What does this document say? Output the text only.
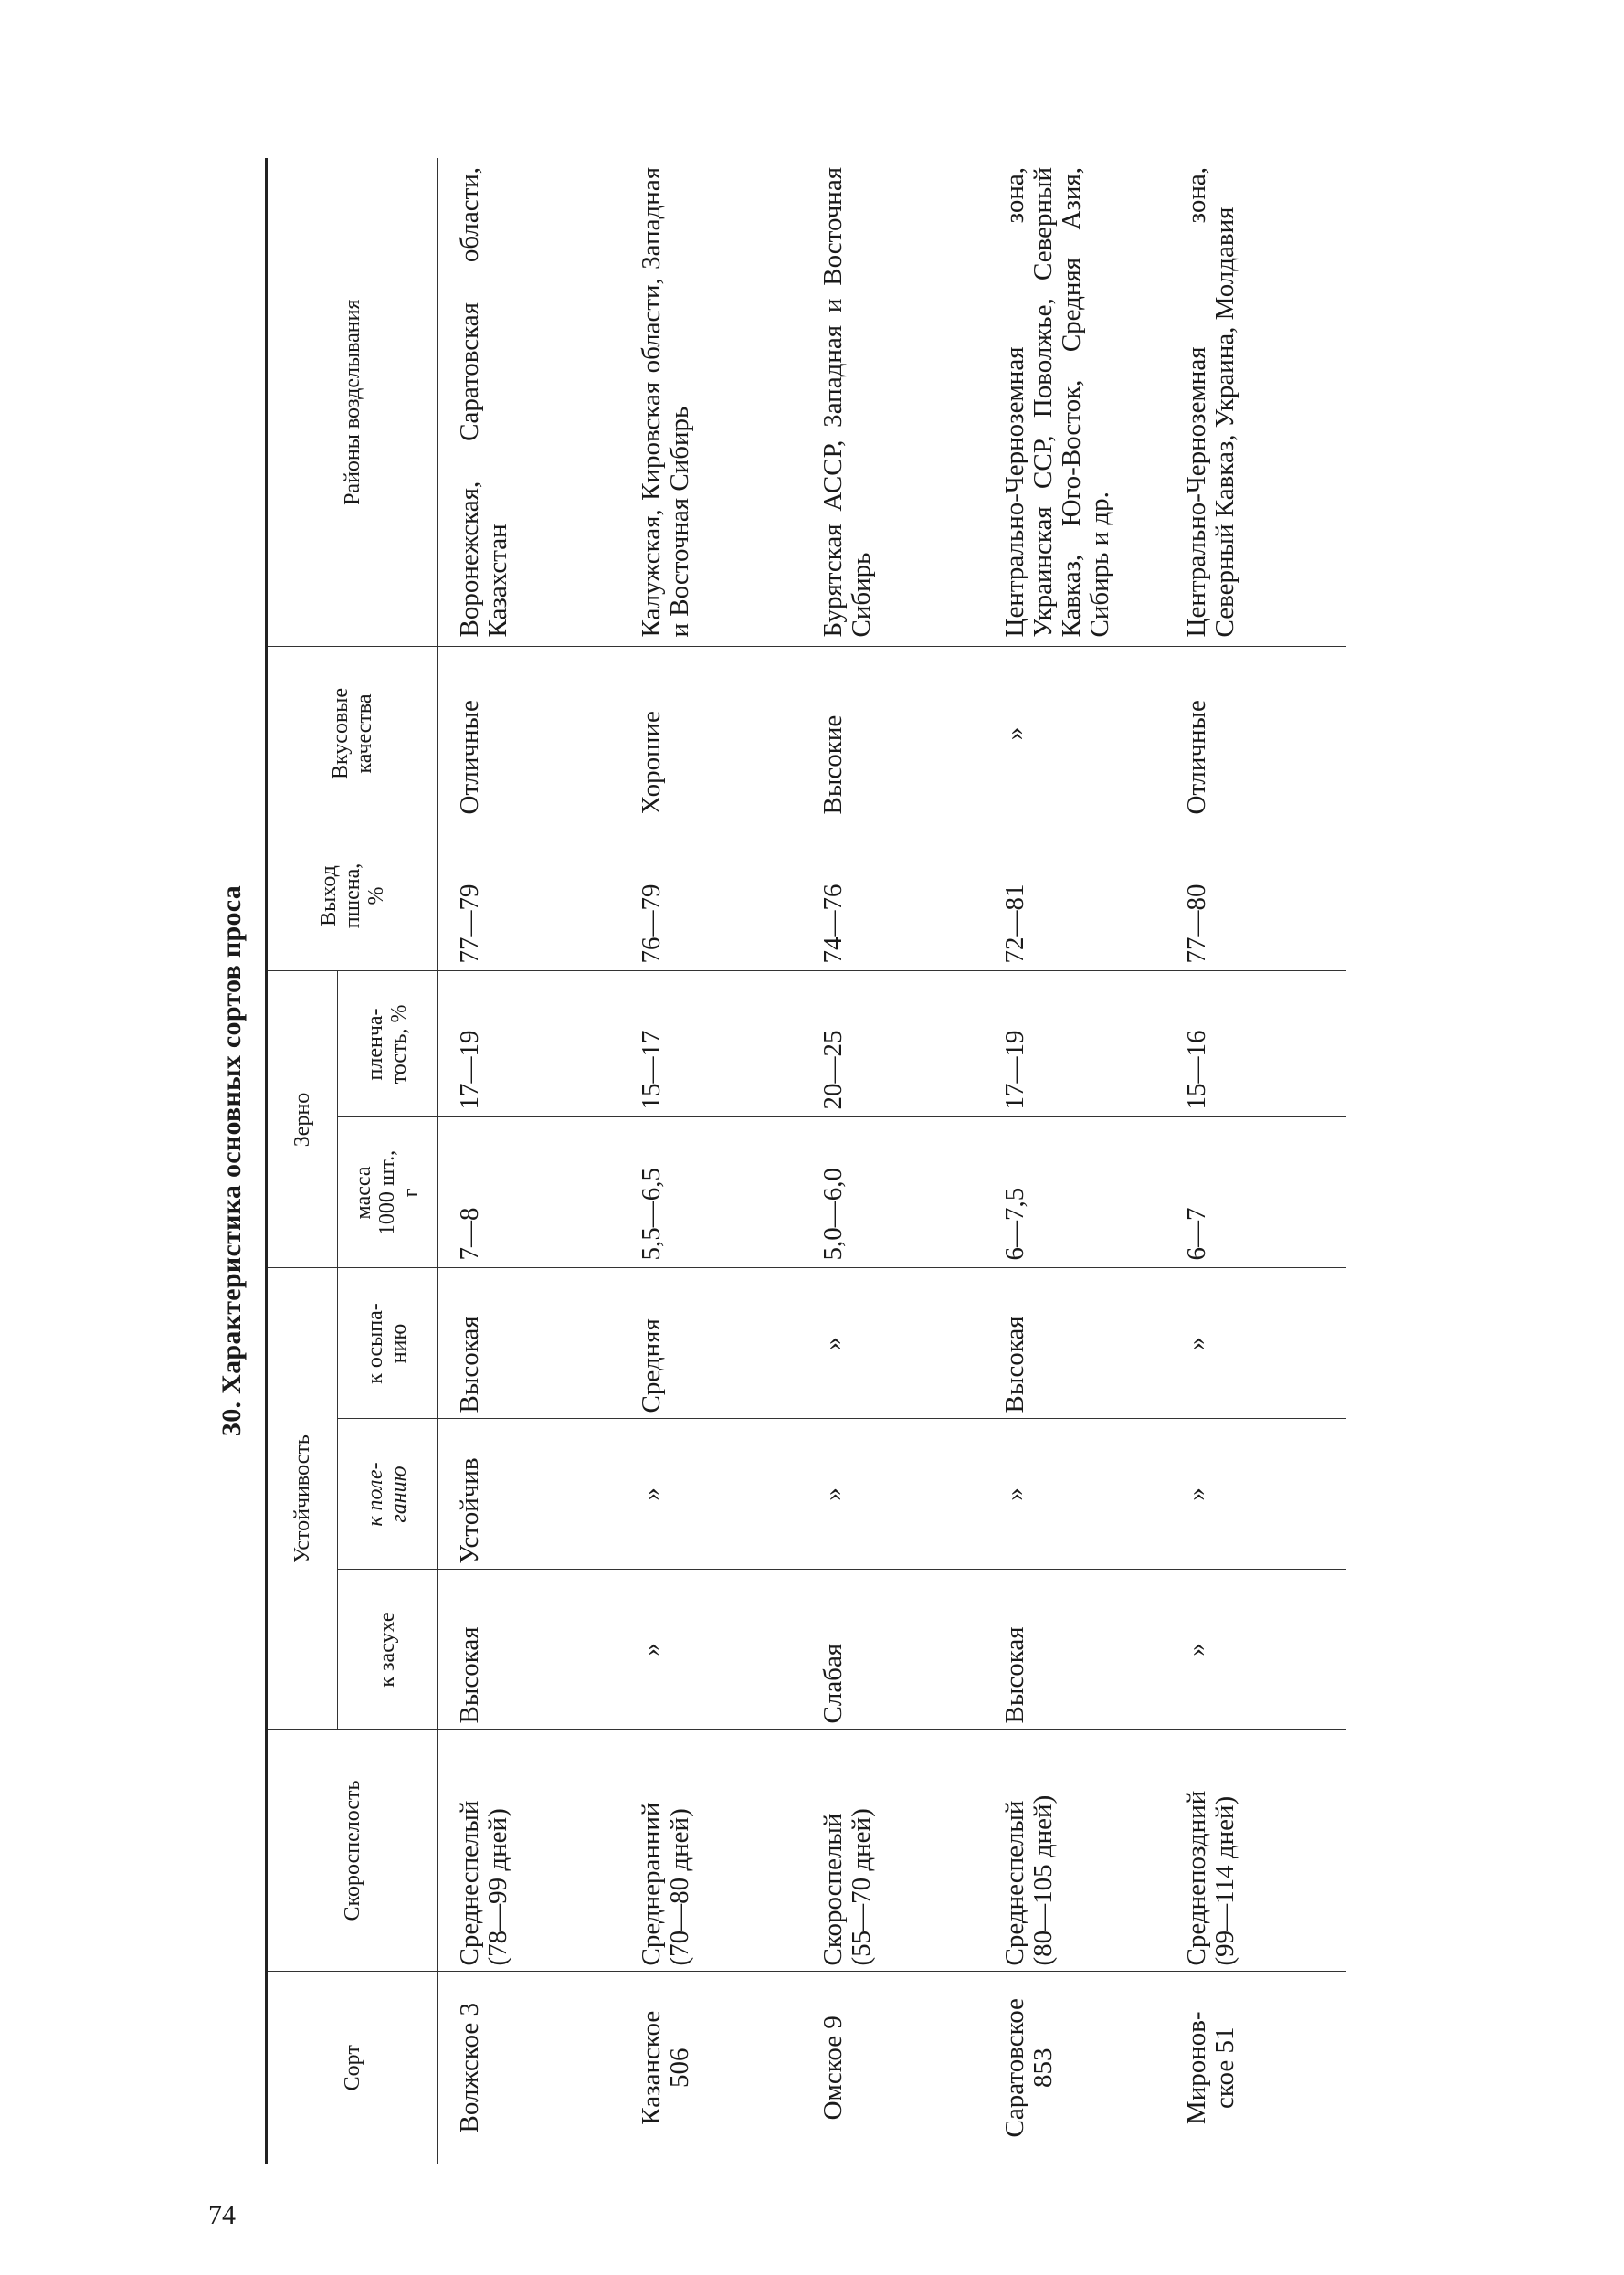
74
30. Характеристика основных сортов проса
Сорт	Скороспелость	Устойчивость			Зерно		Выход
пшена,
%	Вкусовые
качества	Районы возделывания
		к засухе	к поле-
ганию	к осыпа-
нию	масса
1000 шт.,
г	пленча-
тость, %			
Волжское 3	Среднеспелый
(78—99 дней)	Высокая	Устойчив	Высокая	7—8	17—19	77—79	Отличные	Воронежская, Саратовская области, Казахстан
Казанское
506	Среднеранний
(70—80 дней)	»	»	Средняя	5,5—6,5	15—17	76—79	Хорошие	Калужская, Кировская области, Западная и Восточная Сибирь
Омское 9	Скороспелый
(55—70 дней)	Слабая	»	»	5,0—6,0	20—25	74—76	Высокие	Бурятская АССР, Западная и Восточная Сибирь
Саратовское
853	Среднеспелый
(80—105 дней)	Высокая	»	Высокая	6—7,5	17—19	72—81	»	Центрально-Черноземная зона, Украинская ССР, Поволжье, Северный Кавказ, Юго-Восток, Средняя Азия, Сибирь и др.
Миронов-
ское 51	Среднепоздний
(99—114 дней)	»	»	»	6—7	15—16	77—80	Отличные	Центрально-Черноземная зона, Северный Кавказ, Украина, Молдавия
